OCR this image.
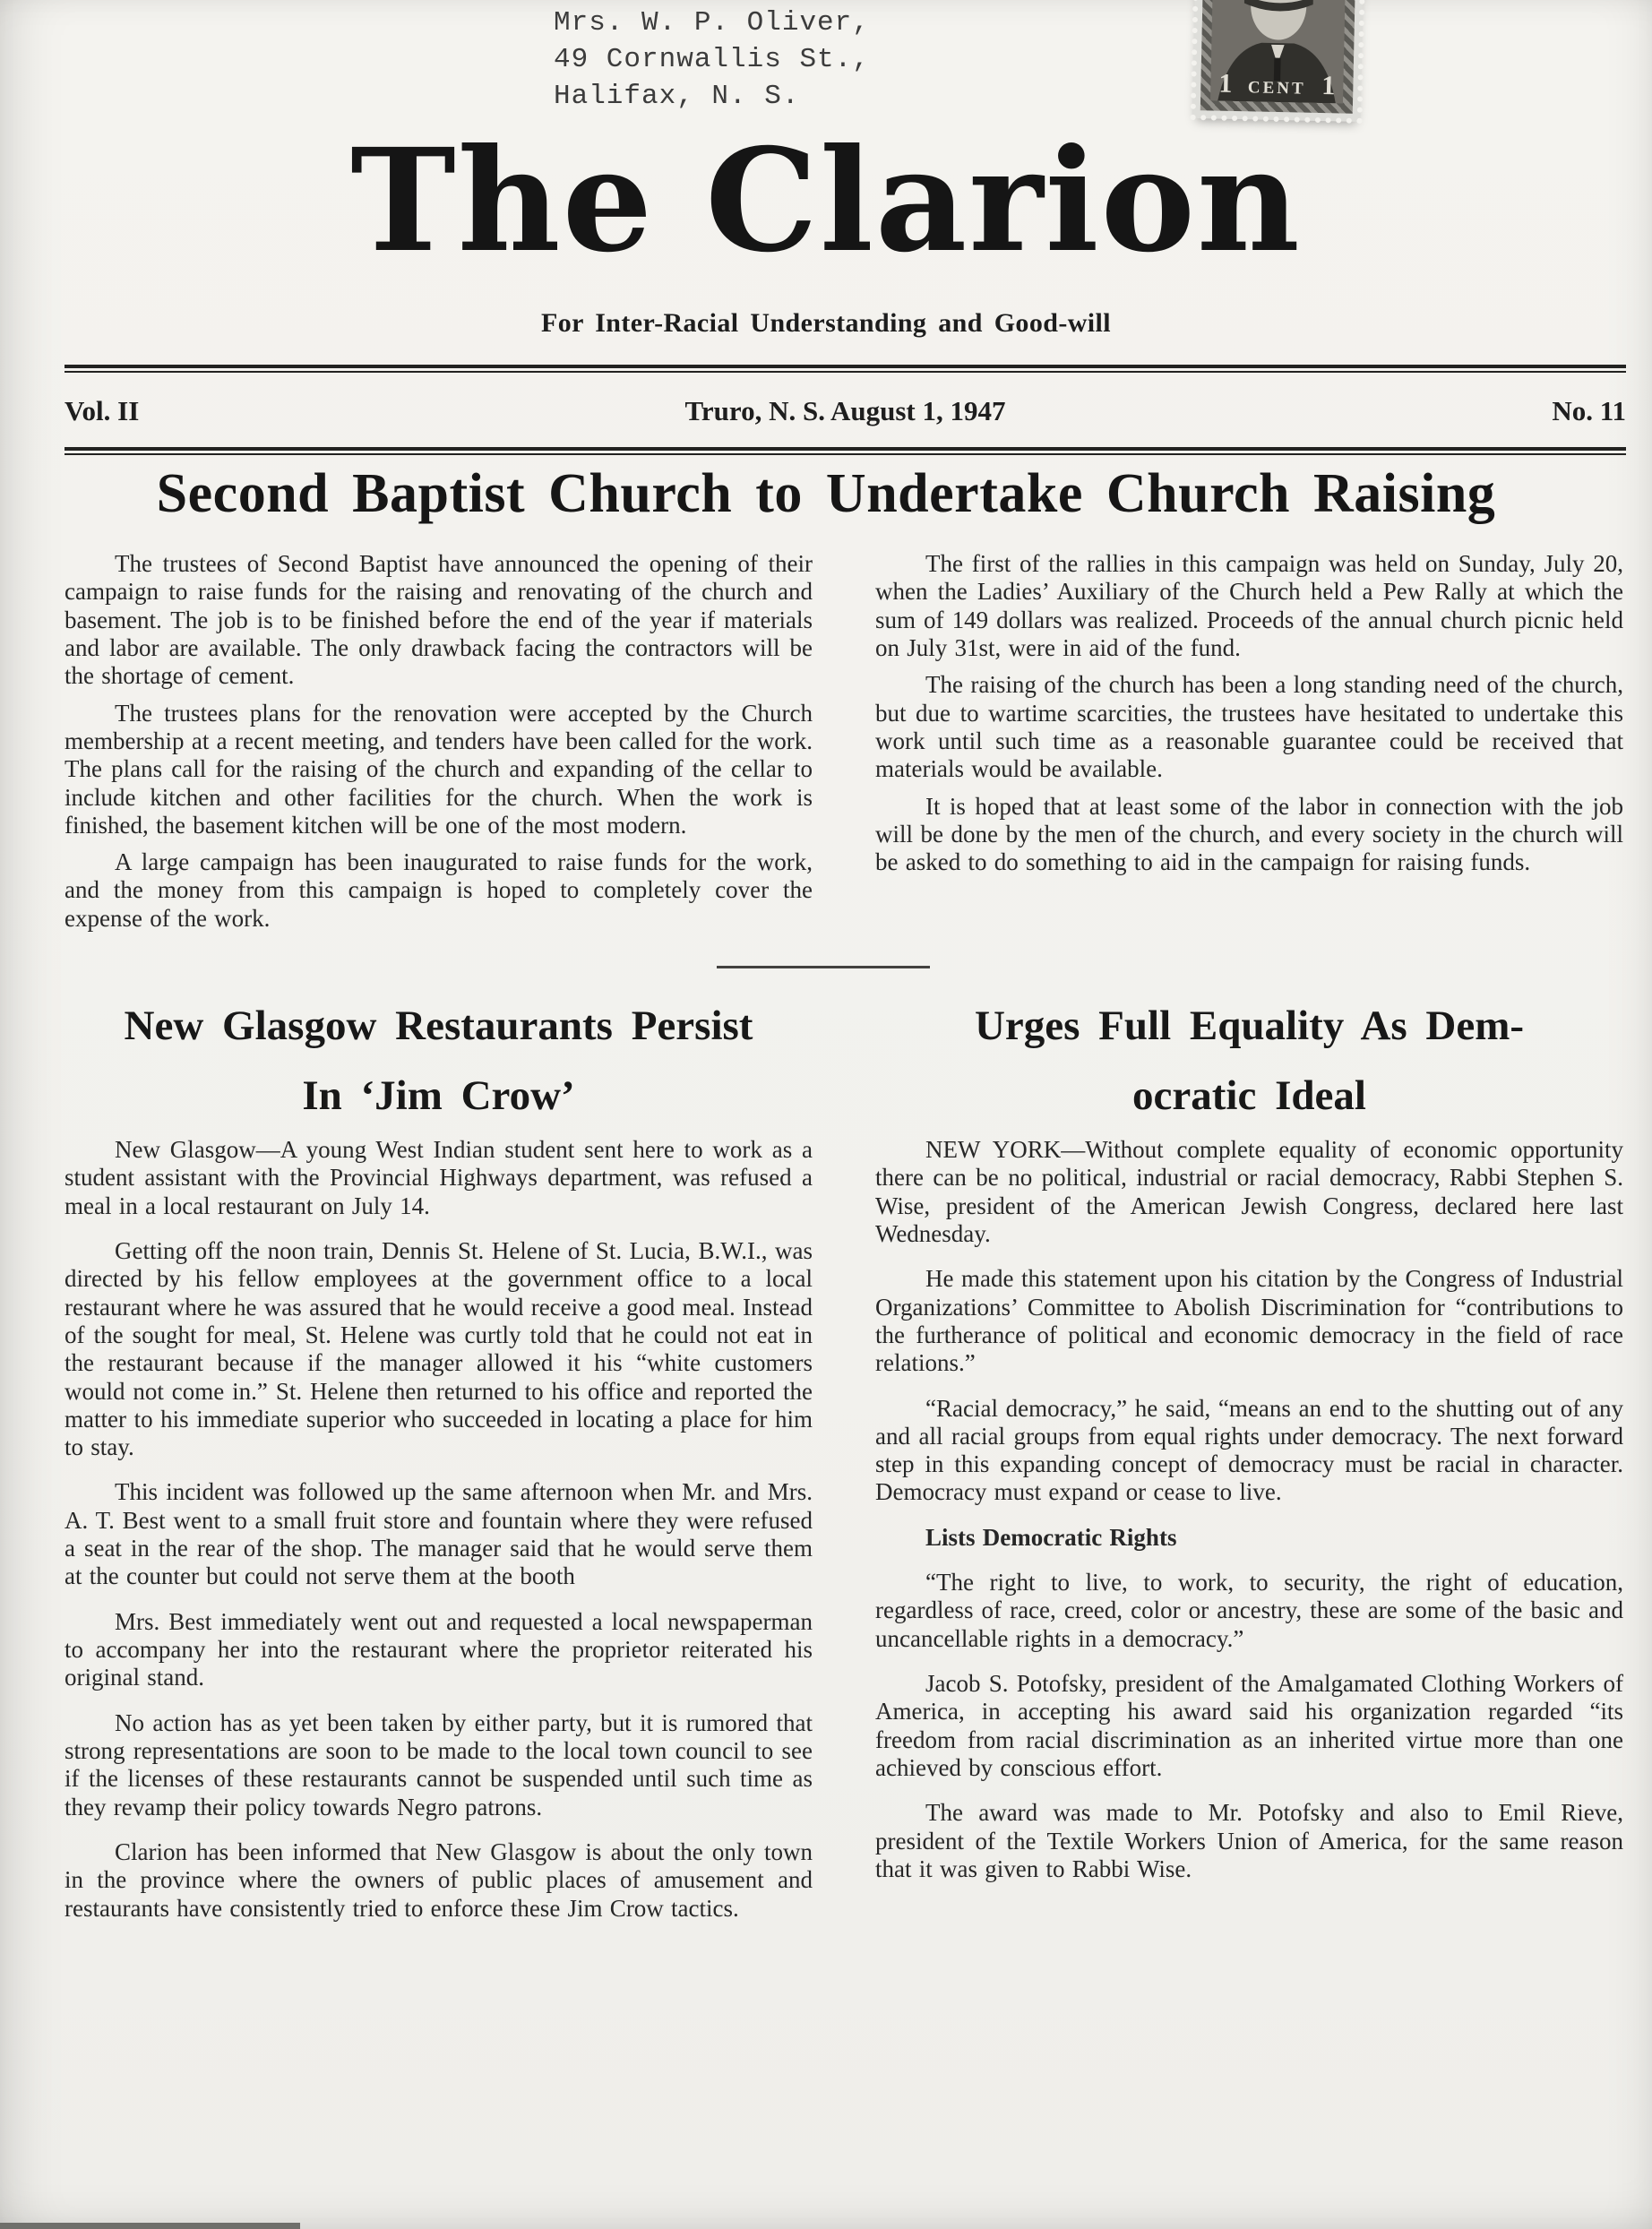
Mrs. W. P. Oliver,
49 Cornwallis St.,
Halifax, N. S.	1 CENT 1
The Clarion
For Inter-Racial Understanding and Good-will
Vol. II	Truro, N. S. August 1, 1947	No. 11
Second Baptist Church to Undertake Church Raising

The trustees of Second Baptist have announced the opening of their campaign to raise funds for the raising and renovating of the church and basement. The job is to be finished before the end of the year if materials and labor are available. The only drawback facing the contractors will be the shortage of cement.

The trustees plans for the renovation were accepted by the Church membership at a recent meeting, and tenders have been called for the work. The plans call for the raising of the church and expanding of the cellar to include kitchen and other facilities for the church. When the work is finished, the basement kitchen will be one of the most modern.

A large campaign has been inaugurated to raise funds for the work, and the money from this campaign is hoped to completely cover the expense of the work.

The first of the rallies in this campaign was held on Sunday, July 20, when the Ladies’ Auxiliary of the Church held a Pew Rally at which the sum of 149 dollars was realized. Proceeds of the annual church picnic held on July 31st, were in aid of the fund.

The raising of the church has been a long standing need of the church, but due to wartime scarcities, the trustees have hesitated to undertake this work until such time as a reasonable guarantee could be received that materials would be available.

It is hoped that at least some of the labor in connection with the job will be done by the men of the church, and every society in the church will be asked to do something to aid in the campaign for raising funds.

New Glasgow Restaurants Persist
In ‘Jim Crow’
Urges Full Equality As Dem-
ocratic Ideal

New Glasgow—A young West Indian student sent here to work as a student assistant with the Provincial Highways department, was refused a meal in a local restaurant on July 14.

Getting off the noon train, Dennis St. Helene of St. Lucia, B.W.I., was directed by his fellow employees at the government office to a local restaurant where he was assured that he would receive a good meal. Instead of the sought for meal, St. Helene was curtly told that he could not eat in the restaurant because if the manager allowed it his “white customers would not come in.” St. Helene then returned to his office and reported the matter to his immediate superior who succeeded in locating a place for him to stay.

This incident was followed up the same afternoon when Mr. and Mrs. A. T. Best went to a small fruit store and fountain where they were refused a seat in the rear of the shop. The manager said that he would serve them at the counter but could not serve them at the booth

Mrs. Best immediately went out and requested a local newspaperman to accompany her into the restaurant where the proprietor reiterated his original stand.

No action has as yet been taken by either party, but it is rumored that strong representations are soon to be made to the local town council to see if the licenses of these restaurants cannot be suspended until such time as they revamp their policy towards Negro patrons.

Clarion has been informed that New Glasgow is about the only town in the province where the owners of public places of amusement and restaurants have consistently tried to enforce these Jim Crow tactics.

NEW YORK—Without complete equality of economic opportunity there can be no political, industrial or racial democracy, Rabbi Stephen S. Wise, president of the American Jewish Congress, declared here last Wednesday.

He made this statement upon his citation by the Congress of Industrial Organizations’ Committee to Abolish Discrimination for “contributions to the furtherance of political and economic democracy in the field of race relations.”

“Racial democracy,” he said, “means an end to the shutting out of any and all racial groups from equal rights under democracy. The next forward step in this expanding concept of democracy must be racial in character. Democracy must expand or cease to live.

Lists Democratic Rights

“The right to live, to work, to security, the right of education, regardless of race, creed, color or ancestry, these are some of the basic and uncancellable rights in a democracy.”

Jacob S. Potofsky, president of the Amalgamated Clothing Workers of America, in accepting his award said his organization regarded “its freedom from racial discrimination as an inherited virtue more than one achieved by conscious effort.

The award was made to Mr. Potofsky and also to Emil Rieve, president of the Textile Workers Union of America, for the same reason that it was given to Rabbi Wise.
